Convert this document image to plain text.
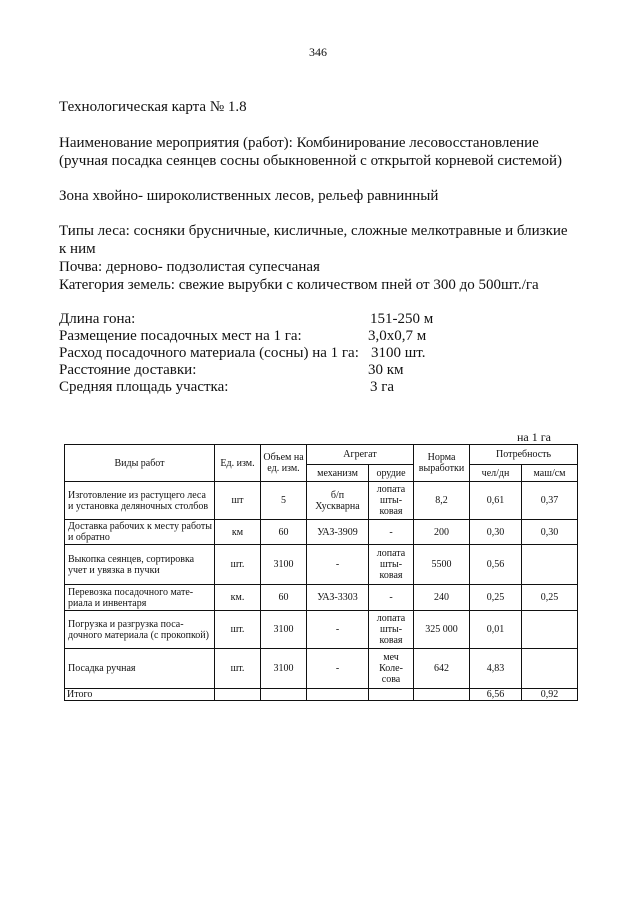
346
Технологическая карта № 1.8
Наименование мероприятия (работ): Комбинирование лесовосстановление
(ручная посадка сеянцев сосны обыкновенной с открытой корневой системой)
Зона хвойно- широколиственных лесов, рельеф равнинный
Типы леса: сосняки брусничные, кисличные, сложные мелкотравные и близкие
к ним
Почва: дерново- подзолистая супесчаная
Категория земель: свежие вырубки с количеством пней от 300 до 500шт./га
Длина гона:	151-250 м
Размещение посадочных мест на 1 га:	3,0х0,7 м
Расход посадочного материала (сосны) на 1 га: 3100 шт.
Расстояние доставки:	30 км
Средняя площадь участка:	3 га
на 1 га
Виды работ	Ед. изм.	Объем на ед. изм.	Агрегат		Норма выработки	Потребность	
			механизм	орудие		чел/дн	маш/см
Изготовление из растущего леса и установка деляночных столбов	шт	5	б/п Хускварна	лопата шты-ковая	8,2	0,61	0,37
Доставка рабочих к месту работы и обратно	км	60	УАЗ-3909	-	200	0,30	0,30
Выкопка сеянцев, сортировка учет и увязка в пучки	шт.	3100	-	лопата шты-ковая	5500	0,56	
Перевозка посадочного мате-риала и инвентаря	км.	60	УАЗ-3303	-	240	0,25	0,25
Погрузка и разгрузка поса-дочного материала (с прокопкой)	шт.	3100	-	лопата шты-ковая	325 000	0,01	
Посадка ручная	шт.	3100	-	меч Коле-сова	642	4,83	
Итого						6,56	0,92
